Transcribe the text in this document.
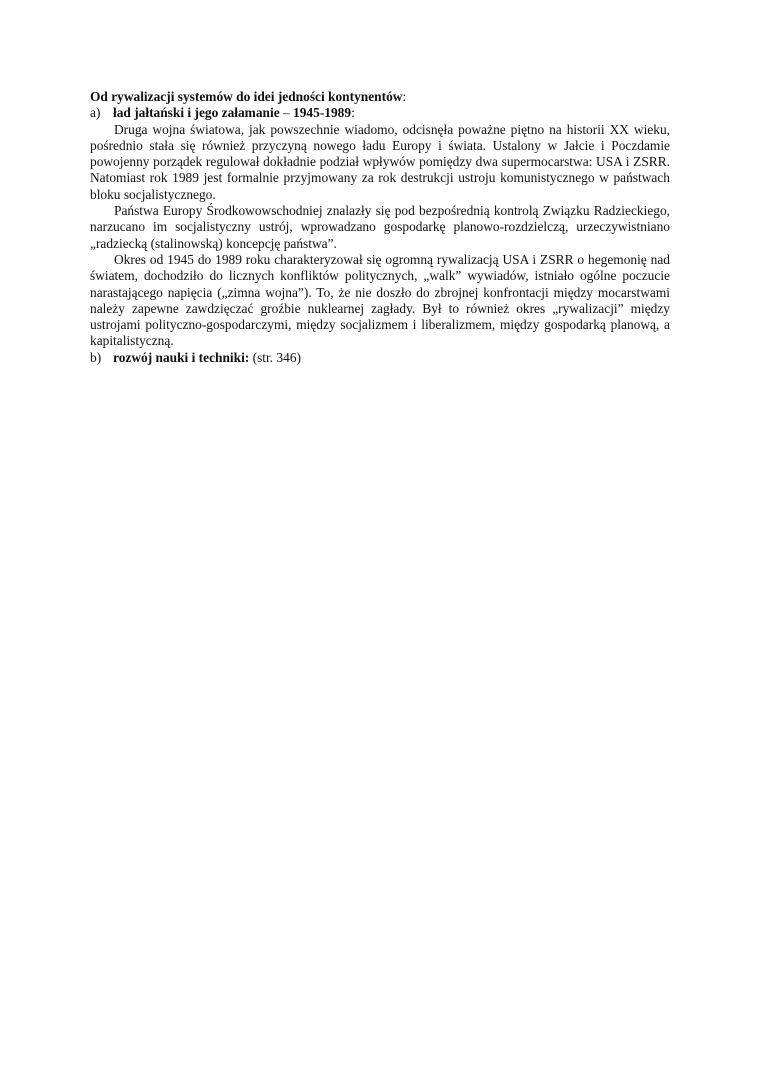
Od rywalizacji systemów do idei jedności kontynentów:
a) ład jałtański i jego załamanie – 1945-1989:

Druga wojna światowa, jak powszechnie wiadomo, odcisnęła poważne piętno na historii XX wieku, pośrednio stała się również przyczyną nowego ładu Europy i świata. Ustalony w Jałcie i Poczdamie powojenny porządek regulował dokładnie podział wpływów pomiędzy dwa supermocarstwa: USA i ZSRR. Natomiast rok 1989 jest formalnie przyjmowany za rok destrukcji ustroju komunistycznego w państwach bloku socjalistycznego.

Państwa Europy Środkowowschodniej znalazły się pod bezpośrednią kontrolą Związku Radzieckiego, narzucano im socjalistyczny ustrój, wprowadzano gospodarkę planowo-rozdzielczą, urzeczywistniano „radziecką (stalinowską) koncepcję państwa”.

Okres od 1945 do 1989 roku charakteryzował się ogromną rywalizacją USA i ZSRR o hegemonię nad światem, dochodziło do licznych konfliktów politycznych, „walk” wywiadów, istniało ogólne poczucie narastającego napięcia („zimna wojna”). To, że nie doszło do zbrojnej konfrontacji między mocarstwami należy zapewne zawdzięczać groźbie nuklearnej zagłady. Był to również okres „rywalizacji” między ustrojami polityczno-gospodarczymi, między socjalizmem i liberalizmem, między gospodarką planową, a kapitalistyczną.

b) rozwój nauki i techniki: (str. 346)
